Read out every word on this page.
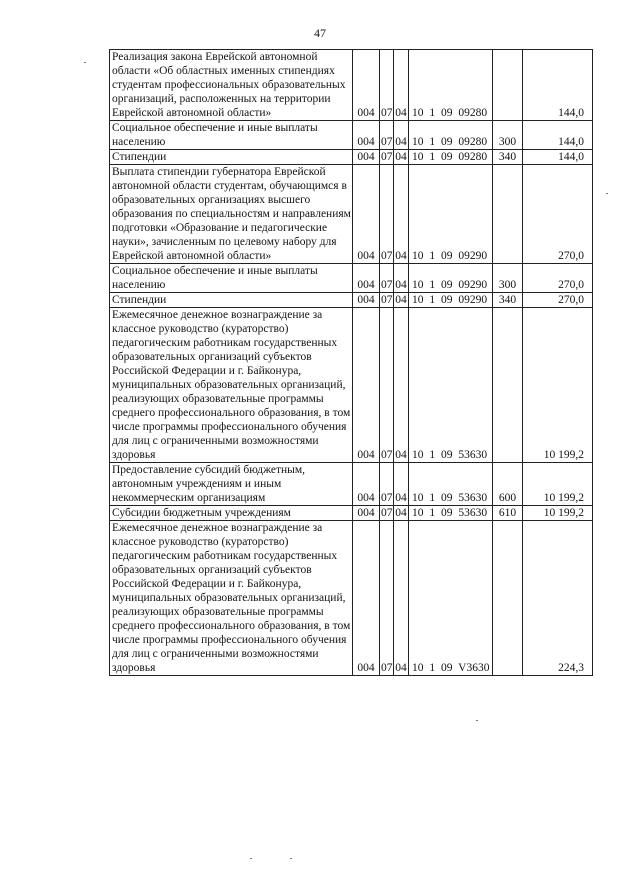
47
Реализация закона Еврейской автономной области «Об областных именных стипендиях студентам профессиональных образовательных организаций, расположенных на территории Еврейской автономной области»	004	07	04	10 1 09 09280		144,0
Социальное обеспечение и иные выплаты населению	004	07	04	10 1 09 09280	300	144,0
Стипендии	004	07	04	10 1 09 09280	340	144,0
Выплата стипендии губернатора Еврейской автономной области студентам, обучающимся в образовательных организациях высшего образования по специальностям и направлениям подготовки «Образование и педагогические науки», зачисленным по целевому набору для Еврейской автономной области»	004	07	04	10 1 09 09290		270,0
Социальное обеспечение и иные выплаты населению	004	07	04	10 1 09 09290	300	270,0
Стипендии	004	07	04	10 1 09 09290	340	270,0
Ежемесячное денежное вознаграждение за классное руководство (кураторство) педагогическим работникам государственных образовательных организаций субъектов Российской Федерации и г. Байконура, муниципальных образовательных организаций, реализующих образовательные программы среднего профессионального образования, в том числе программы профессионального обучения для лиц с ограниченными возможностями здоровья	004	07	04	10 1 09 53630		10 199,2
Предоставление субсидий бюджетным, автономным учреждениям и иным некоммерческим организациям	004	07	04	10 1 09 53630	600	10 199,2
Субсидии бюджетным учреждениям	004	07	04	10 1 09 53630	610	10 199,2
Ежемесячное денежное вознаграждение за классное руководство (кураторство) педагогическим работникам государственных образовательных организаций субъектов Российской Федерации и г. Байконура, муниципальных образовательных организаций, реализующих образовательные программы среднего профессионального образования, в том числе программы профессионального обучения для лиц с ограниченными возможностями здоровья	004	07	04	10 1 09 V3630		224,3
